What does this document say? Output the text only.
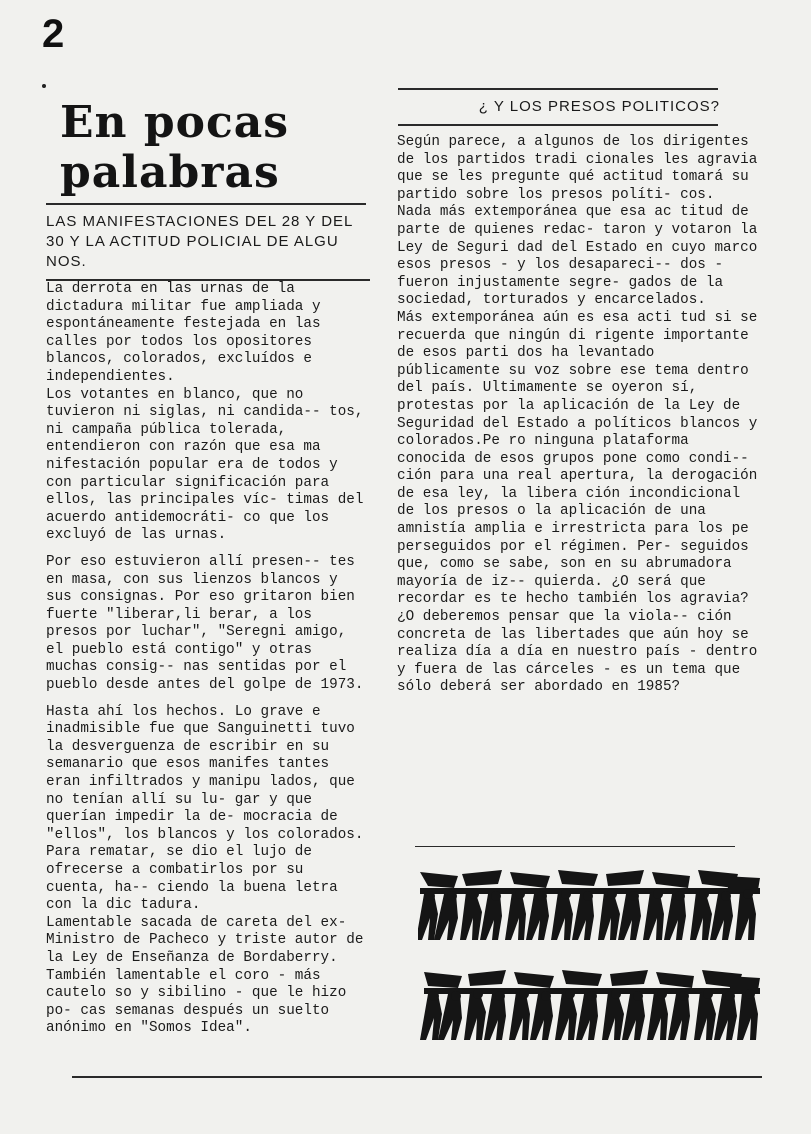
2
En pocas
palabras
LAS MANIFESTACIONES DEL 28 Y DEL 30 Y LA ACTITUD POLICIAL DE ALGU NOS.

La derrota en las urnas de la dictadura militar fue ampliada y espontáneamente festejada en las calles por todos los opositores blancos, colorados, excluídos e independientes.

Los votantes en blanco, que no tuvieron ni siglas, ni candida-- tos, ni campaña pública tolerada, entendieron con razón que esa ma nifestación popular era de todos y con particular significación para ellos, las principales víc- timas del acuerdo antidemocráti- co que los excluyó de las urnas.

Por eso estuvieron allí presen-- tes en masa, con sus lienzos blancos y sus consignas. Por eso gritaron bien fuerte "liberar,li berar, a los presos por luchar", "Seregni amigo, el pueblo está contigo" y otras muchas consig-- nas sentidas por el pueblo desde antes del golpe de 1973.

Hasta ahí los hechos. Lo grave e inadmisible fue que Sanguinetti tuvo la desverguenza de escribir en su semanario que esos manifes tantes eran infiltrados y manipu lados, que no tenían allí su lu- gar y que querían impedir la de- mocracia de "ellos", los blancos y los colorados. Para rematar, se dio el lujo de ofrecerse a combatirlos por su cuenta, ha-- ciendo la buena letra con la dic tadura.

Lamentable sacada de careta del ex-Ministro de Pacheco y triste autor de la Ley de Enseñanza de Bordaberry. También lamentable el coro - más cautelo so y sibilino - que le hizo po- cas semanas después un suelto anónimo en "Somos Idea".

¿ Y LOS PRESOS POLITICOS?

Según parece, a algunos de los dirigentes de los partidos tradi cionales les agravia que se les pregunte qué actitud tomará su partido sobre los presos políti- cos.

Nada más extemporánea que esa ac titud de parte de quienes redac- taron y votaron la Ley de Seguri dad del Estado en cuyo marco esos presos - y los desapareci-- dos - fueron injustamente segre- gados de la sociedad, torturados y encarcelados.

Más extemporánea aún es esa acti tud si se recuerda que ningún di rigente importante de esos parti dos ha levantado públicamente su voz sobre ese tema dentro del país. Ultimamente se oyeron sí, protestas por la aplicación de la Ley de Seguridad del Estado a políticos blancos y colorados.Pe ro ninguna plataforma conocida de esos grupos pone como condi-- ción para una real apertura, la derogación de esa ley, la libera ción incondicional de los presos o la aplicación de una amnistía amplia e irrestricta para los pe perseguidos por el régimen. Per- seguidos que, como se sabe, son en su abrumadora mayoría de iz-- quierda. ¿O será que recordar es te hecho también los agravia? ¿O deberemos pensar que la viola-- ción concreta de las libertades que aún hoy se realiza día a día en nuestro país - dentro y fuera de las cárceles - es un tema que sólo deberá ser abordado en 1985?
